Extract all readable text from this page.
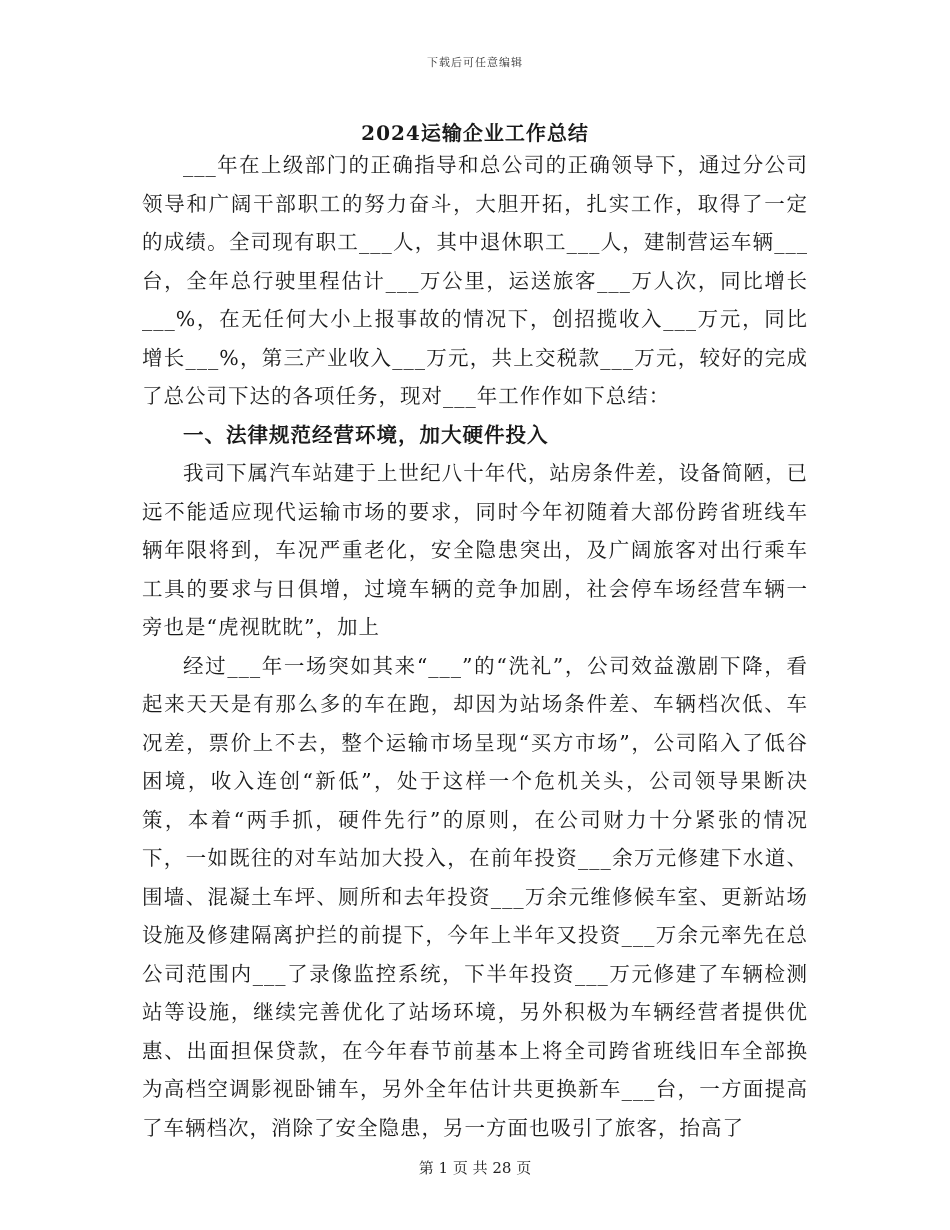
下载后可任意编辑
2024运输企业工作总结

___年在上级部门的正确指导和总公司的正确领导下，通过分公司领导和广阔干部职工的努力奋斗，大胆开拓，扎实工作，取得了一定的成绩。全司现有职工___人，其中退休职工___人，建制营运车辆___台，全年总行驶里程估计___万公里，运送旅客___万人次，同比增长___%，在无任何大小上报事故的情况下，创招揽收入___万元，同比增长___%，第三产业收入___万元，共上交税款___万元，较好的完成了总公司下达的各项任务，现对___年工作作如下总结：

一、法律规范经营环境，加大硬件投入

我司下属汽车站建于上世纪八十年代，站房条件差，设备简陋，已远不能适应现代运输市场的要求，同时今年初随着大部份跨省班线车辆年限将到，车况严重老化，安全隐患突出，及广阔旅客对出行乘车工具的要求与日俱增，过境车辆的竞争加剧，社会停车场经营车辆一旁也是“虎视眈眈”，加上

经过___年一场突如其来“___”的“洗礼”，公司效益激剧下降，看起来天天是有那么多的车在跑，却因为站场条件差、车辆档次低、车况差，票价上不去，整个运输市场呈现“买方市场”，公司陷入了低谷困境，收入连创“新低”，处于这样一个危机关头，公司领导果断决策，本着“两手抓，硬件先行”的原则，在公司财力十分紧张的情况下，一如既往的对车站加大投入，在前年投资___余万元修建下水道、围墙、混凝土车坪、厕所和去年投资___万余元维修候车室、更新站场设施及修建隔离护拦的前提下，今年上半年又投资___万余元率先在总公司范围内___了录像监控系统，下半年投资___万元修建了车辆检测站等设施，继续完善优化了站场环境，另外积极为车辆经营者提供优惠、出面担保贷款，在今年春节前基本上将全司跨省班线旧车全部换为高档空调影视卧铺车，另外全年估计共更换新车___台，一方面提高了车辆档次，消除了安全隐患，另一方面也吸引了旅客，抬高了

第 1 页 共 28 页
